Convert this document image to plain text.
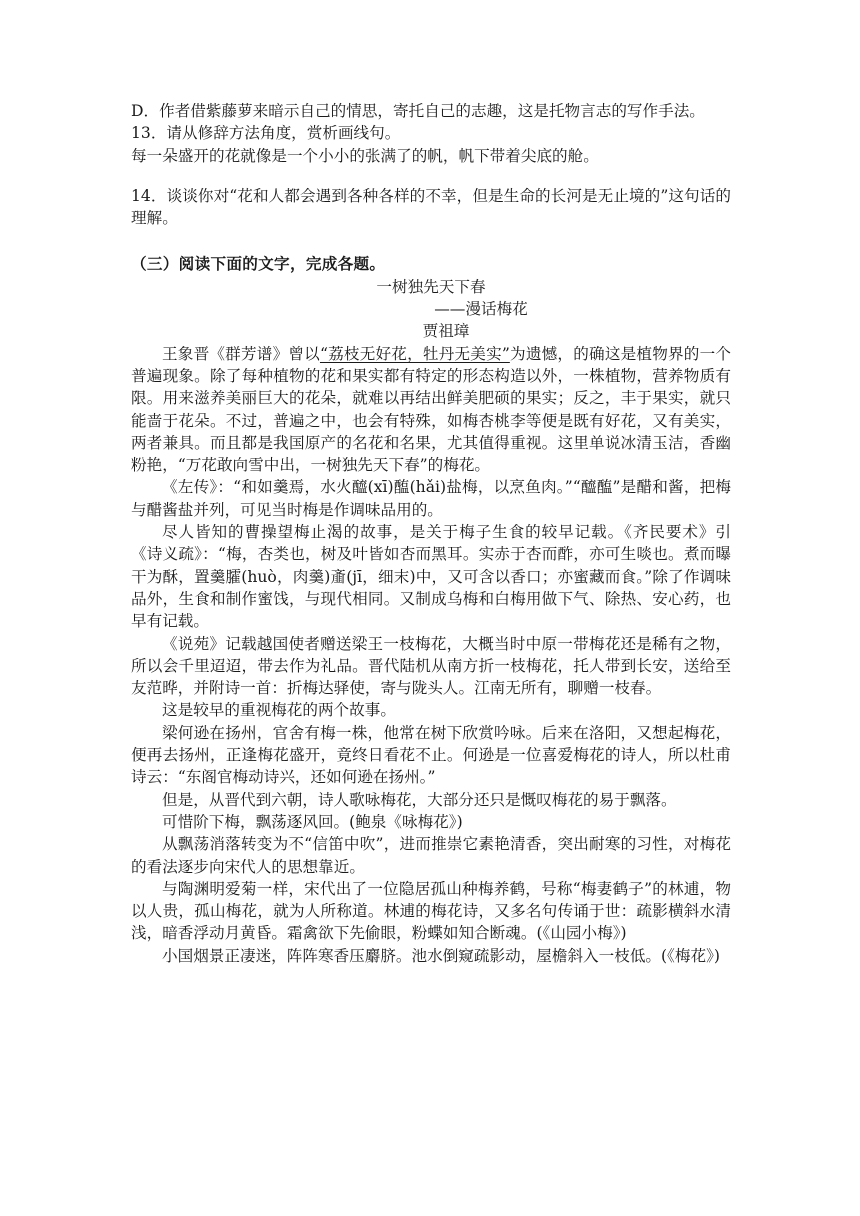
D．作者借紫藤萝来暗示自己的情思，寄托自己的志趣，这是托物言志的写作手法。

13．请从修辞方法角度，赏析画线句。

每一朵盛开的花就像是一个小小的张满了的帆，帆下带着尖底的舱。

14．谈谈你对“花和人都会遇到各种各样的不幸，但是生命的长河是无止境的”这句话的理解。

（三）阅读下面的文字，完成各题。

一树独先天下春

——漫话梅花

贾祖璋

王象晋《群芳谱》曾以“荔枝无好花，牡丹无美实”为遗憾，的确这是植物界的一个普遍现象。除了每种植物的花和果实都有特定的形态构造以外，一株植物，营养物质有限。用来滋养美丽巨大的花朵，就难以再结出鲜美肥硕的果实；反之，丰于果实，就只能啬于花朵。不过，普遍之中，也会有特殊，如梅杏桃李等便是既有好花，又有美实，两者兼具。而且都是我国原产的名花和名果，尤其值得重视。这里单说冰清玉洁，香幽粉艳，“万花敢向雪中出，一树独先天下春”的梅花。

《左传》：“和如羹焉，水火醯(xī)醢(hǎi)盐梅，以烹鱼肉。”“醯醢”是醋和酱，把梅与醋酱盐并列，可见当时梅是作调味品用的。

尽人皆知的曹操望梅止渴的故事，是关于梅子生食的较早记载。《齐民要术》引《诗义疏》：“梅，杏类也，树及叶皆如杏而黑耳。实赤于杏而酢，亦可生啖也。煮而曝干为酥，置羹臛(huò，肉羹)齑(jī，细末)中，又可含以香口；亦蜜藏而食。”除了作调味品外，生食和制作蜜饯，与现代相同。又制成乌梅和白梅用做下气、除热、安心药，也早有记载。

《说苑》记载越国使者赠送梁王一枝梅花，大概当时中原一带梅花还是稀有之物，所以会千里迢迢，带去作为礼品。晋代陆机从南方折一枝梅花，托人带到长安，送给至友范晔，并附诗一首：折梅达驿使，寄与陇头人。江南无所有，聊赠一枝春。

这是较早的重视梅花的两个故事。

梁何逊在扬州，官舍有梅一株，他常在树下欣赏吟咏。后来在洛阳，又想起梅花，便再去扬州，正逢梅花盛开，竟终日看花不止。何逊是一位喜爱梅花的诗人，所以杜甫诗云：“东阁官梅动诗兴，还如何逊在扬州。”

但是，从晋代到六朝，诗人歌咏梅花，大部分还只是慨叹梅花的易于飘落。

可惜阶下梅，飘荡逐风回。(鲍泉《咏梅花》)

从飘荡消落转变为不“信笛中吹”，进而推崇它素艳清香，突出耐寒的习性，对梅花的看法逐步向宋代人的思想靠近。

与陶渊明爱菊一样，宋代出了一位隐居孤山种梅养鹤，号称“梅妻鹤子”的林逋，物以人贵，孤山梅花，就为人所称道。林逋的梅花诗，又多名句传诵于世：疏影横斜水清浅，暗香浮动月黄昏。霜禽欲下先偷眼，粉蝶如知合断魂。(《山园小梅》)

小国烟景正凄迷，阵阵寒香压麝脐。池水倒窥疏影动，屋檐斜入一枝低。(《梅花》)
